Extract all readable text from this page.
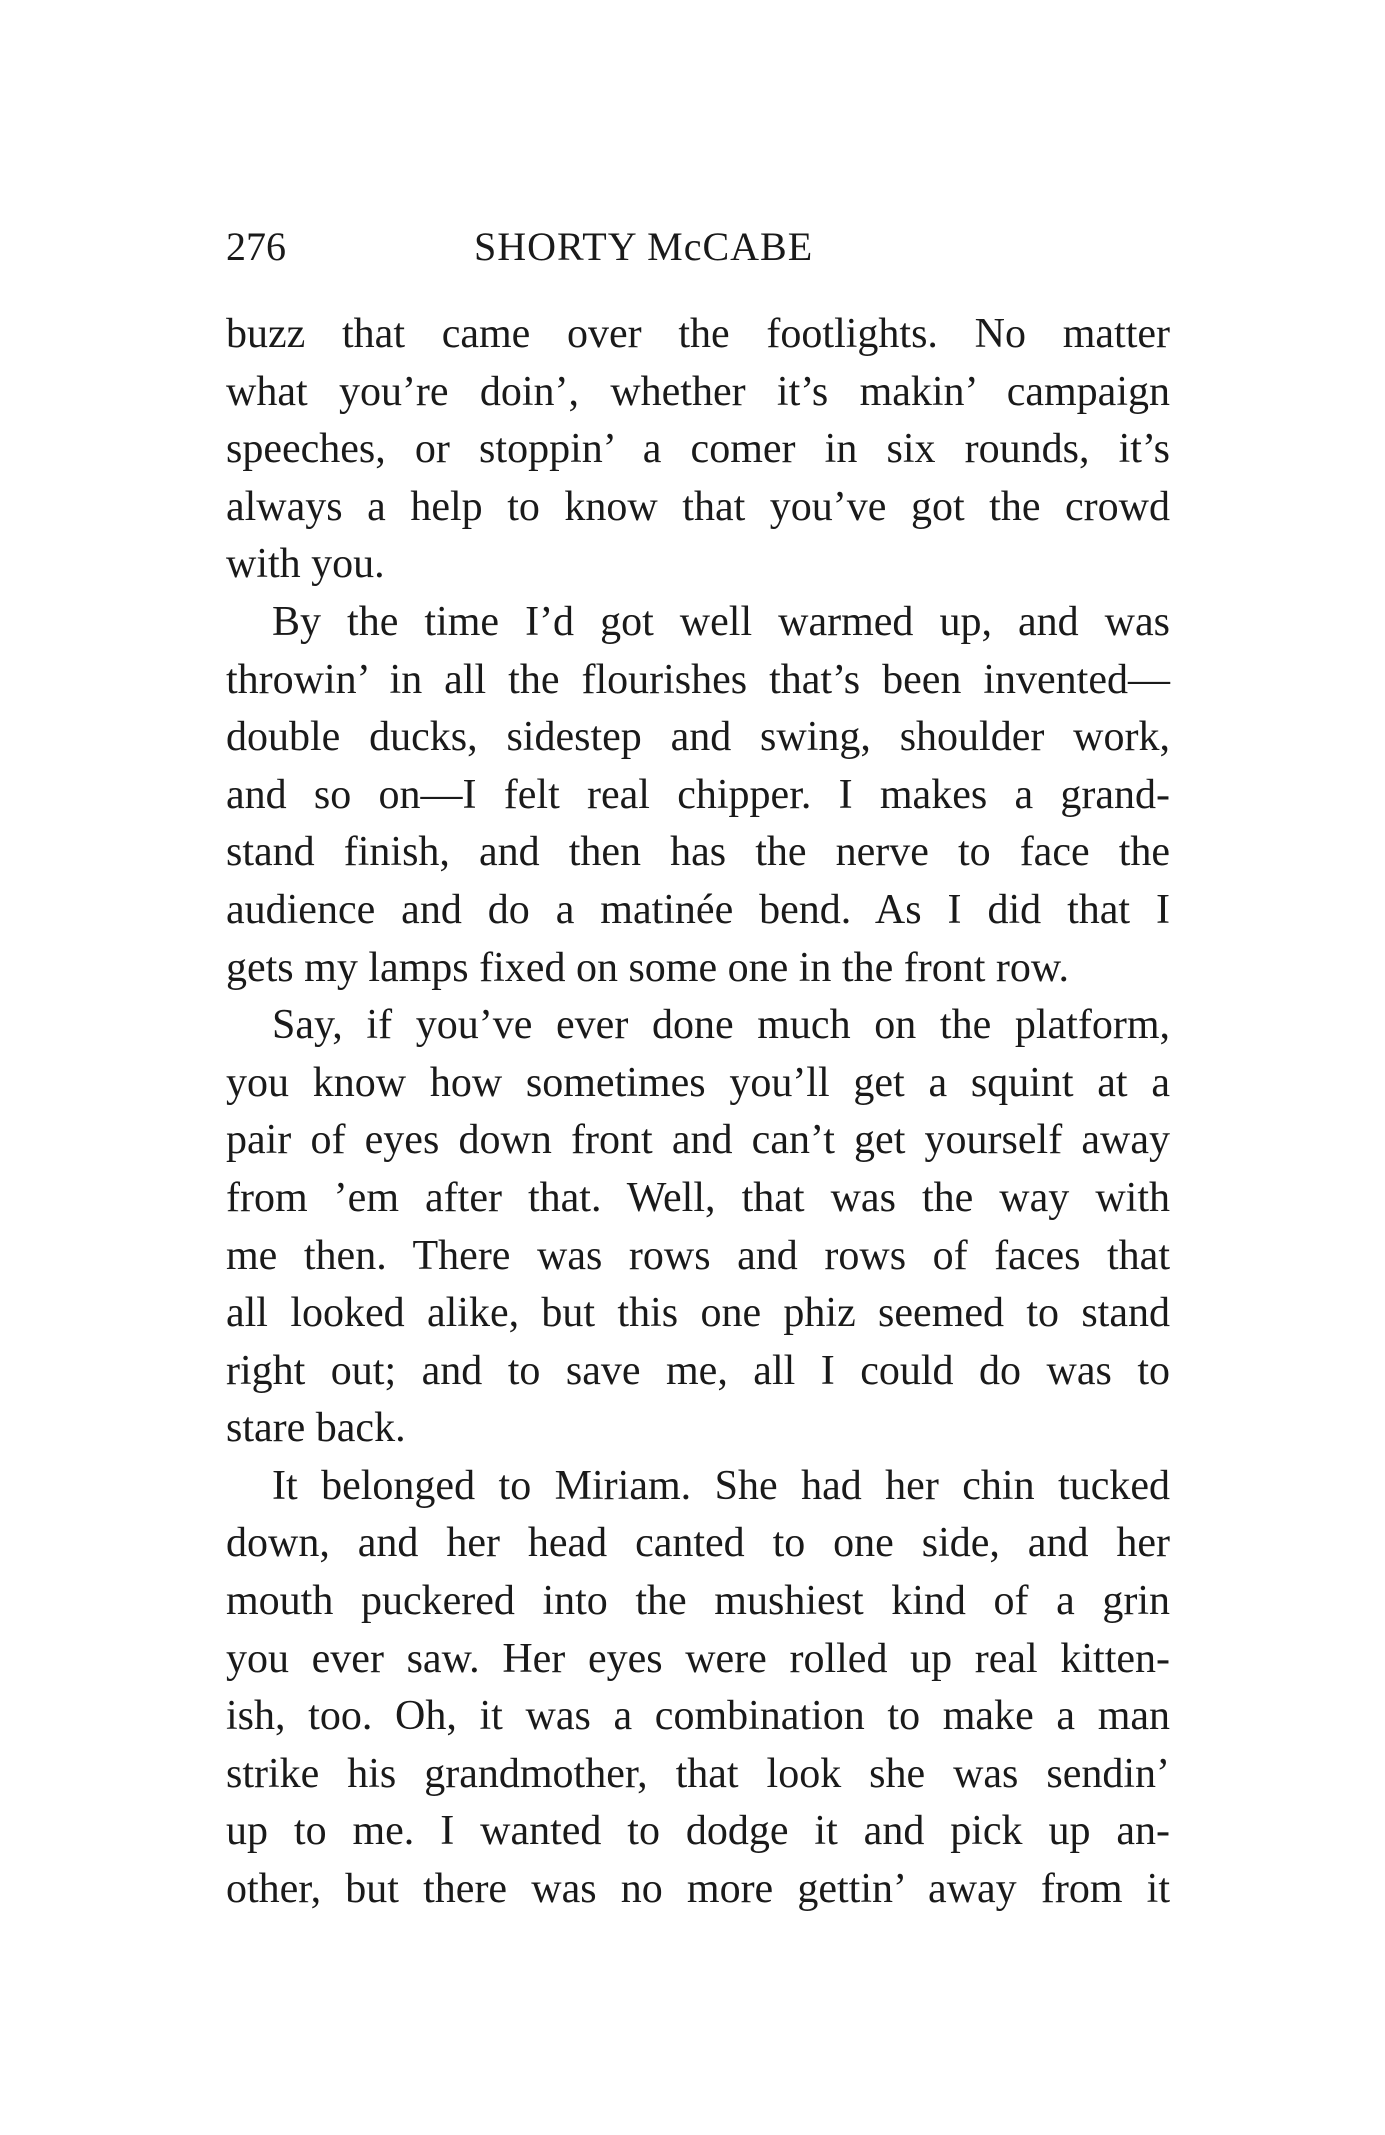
276	SHORTY McCABE
buzz that came over the footlights. No matter
what you’re doin’, whether it’s makin’ campaign
speeches, or stoppin’ a comer in six rounds, it’s
always a help to know that you’ve got the crowd
with you.
By the time I’d got well warmed up, and was
throwin’ in all the flourishes that’s been invented—
double ducks, sidestep and swing, shoulder work,
and so on—I felt real chipper. I makes a grand-
stand finish, and then has the nerve to face the
audience and do a matinée bend. As I did that I
gets my lamps fixed on some one in the front row.
Say, if you’ve ever done much on the platform,
you know how sometimes you’ll get a squint at a
pair of eyes down front and can’t get yourself away
from ’em after that. Well, that was the way with
me then. There was rows and rows of faces that
all looked alike, but this one phiz seemed to stand
right out; and to save me, all I could do was to
stare back.
It belonged to Miriam. She had her chin tucked
down, and her head canted to one side, and her
mouth puckered into the mushiest kind of a grin
you ever saw. Her eyes were rolled up real kitten-
ish, too. Oh, it was a combination to make a man
strike his grandmother, that look she was sendin’
up to me. I wanted to dodge it and pick up an-
other, but there was no more gettin’ away from it
